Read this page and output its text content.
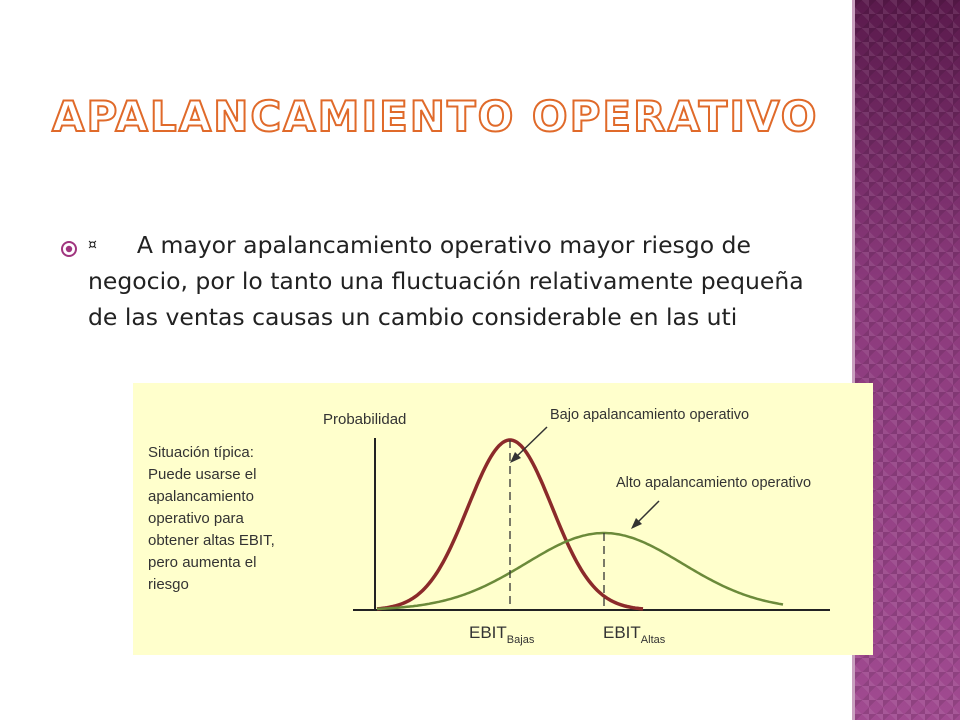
APALANCAMIENTO OPERATIVO
¤ A mayor apalancamiento operativo mayor riesgo de negocio, por lo tanto una fluctuación relativamente pequeña de las ventas causas un cambio considerable en las uti
Probabilidad	Bajo apalancamiento operativo
Alto apalancamiento operativo
Situación típica:
Puede usarse el
apalancamiento
operativo para
obtener altas EBIT,
pero aumenta el
riesgo
$EBIT_{Bajas}$	$EBIT_{Altas}$
